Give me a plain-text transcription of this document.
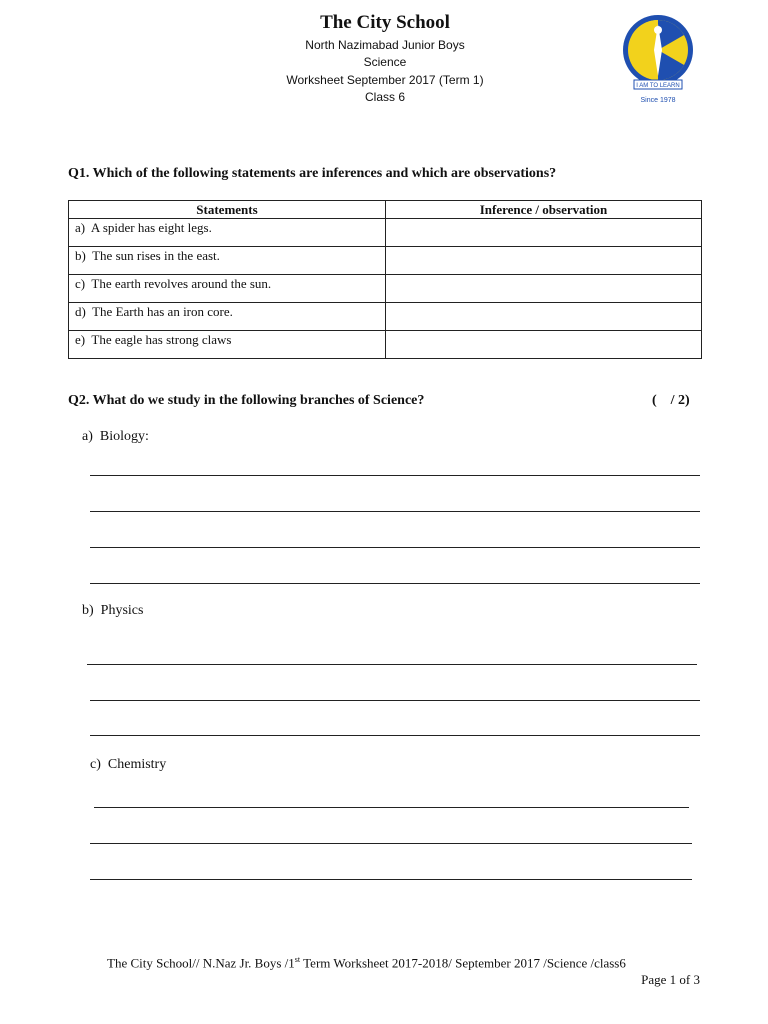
The City School
North Nazimabad Junior Boys
Science
Worksheet September 2017 (Term 1)
Class 6
I AM TO LEARN
Since 1978
Q1. Which of the following statements are inferences and which are observations?
Statements	Inference / observation
a) A spider has eight legs.	
b) The sun rises in the east.	
c) The earth revolves around the sun.	
d) The Earth has an iron core.	
e) The eagle has strong claws	
Q2. What do we study in the following branches of Science?	(    / 2)
a) Biology:
b) Physics
c) Chemistry
The City School// N.Naz Jr. Boys /1st Term Worksheet 2017-2018/ September 2017 /Science /class6
Page 1 of 3
